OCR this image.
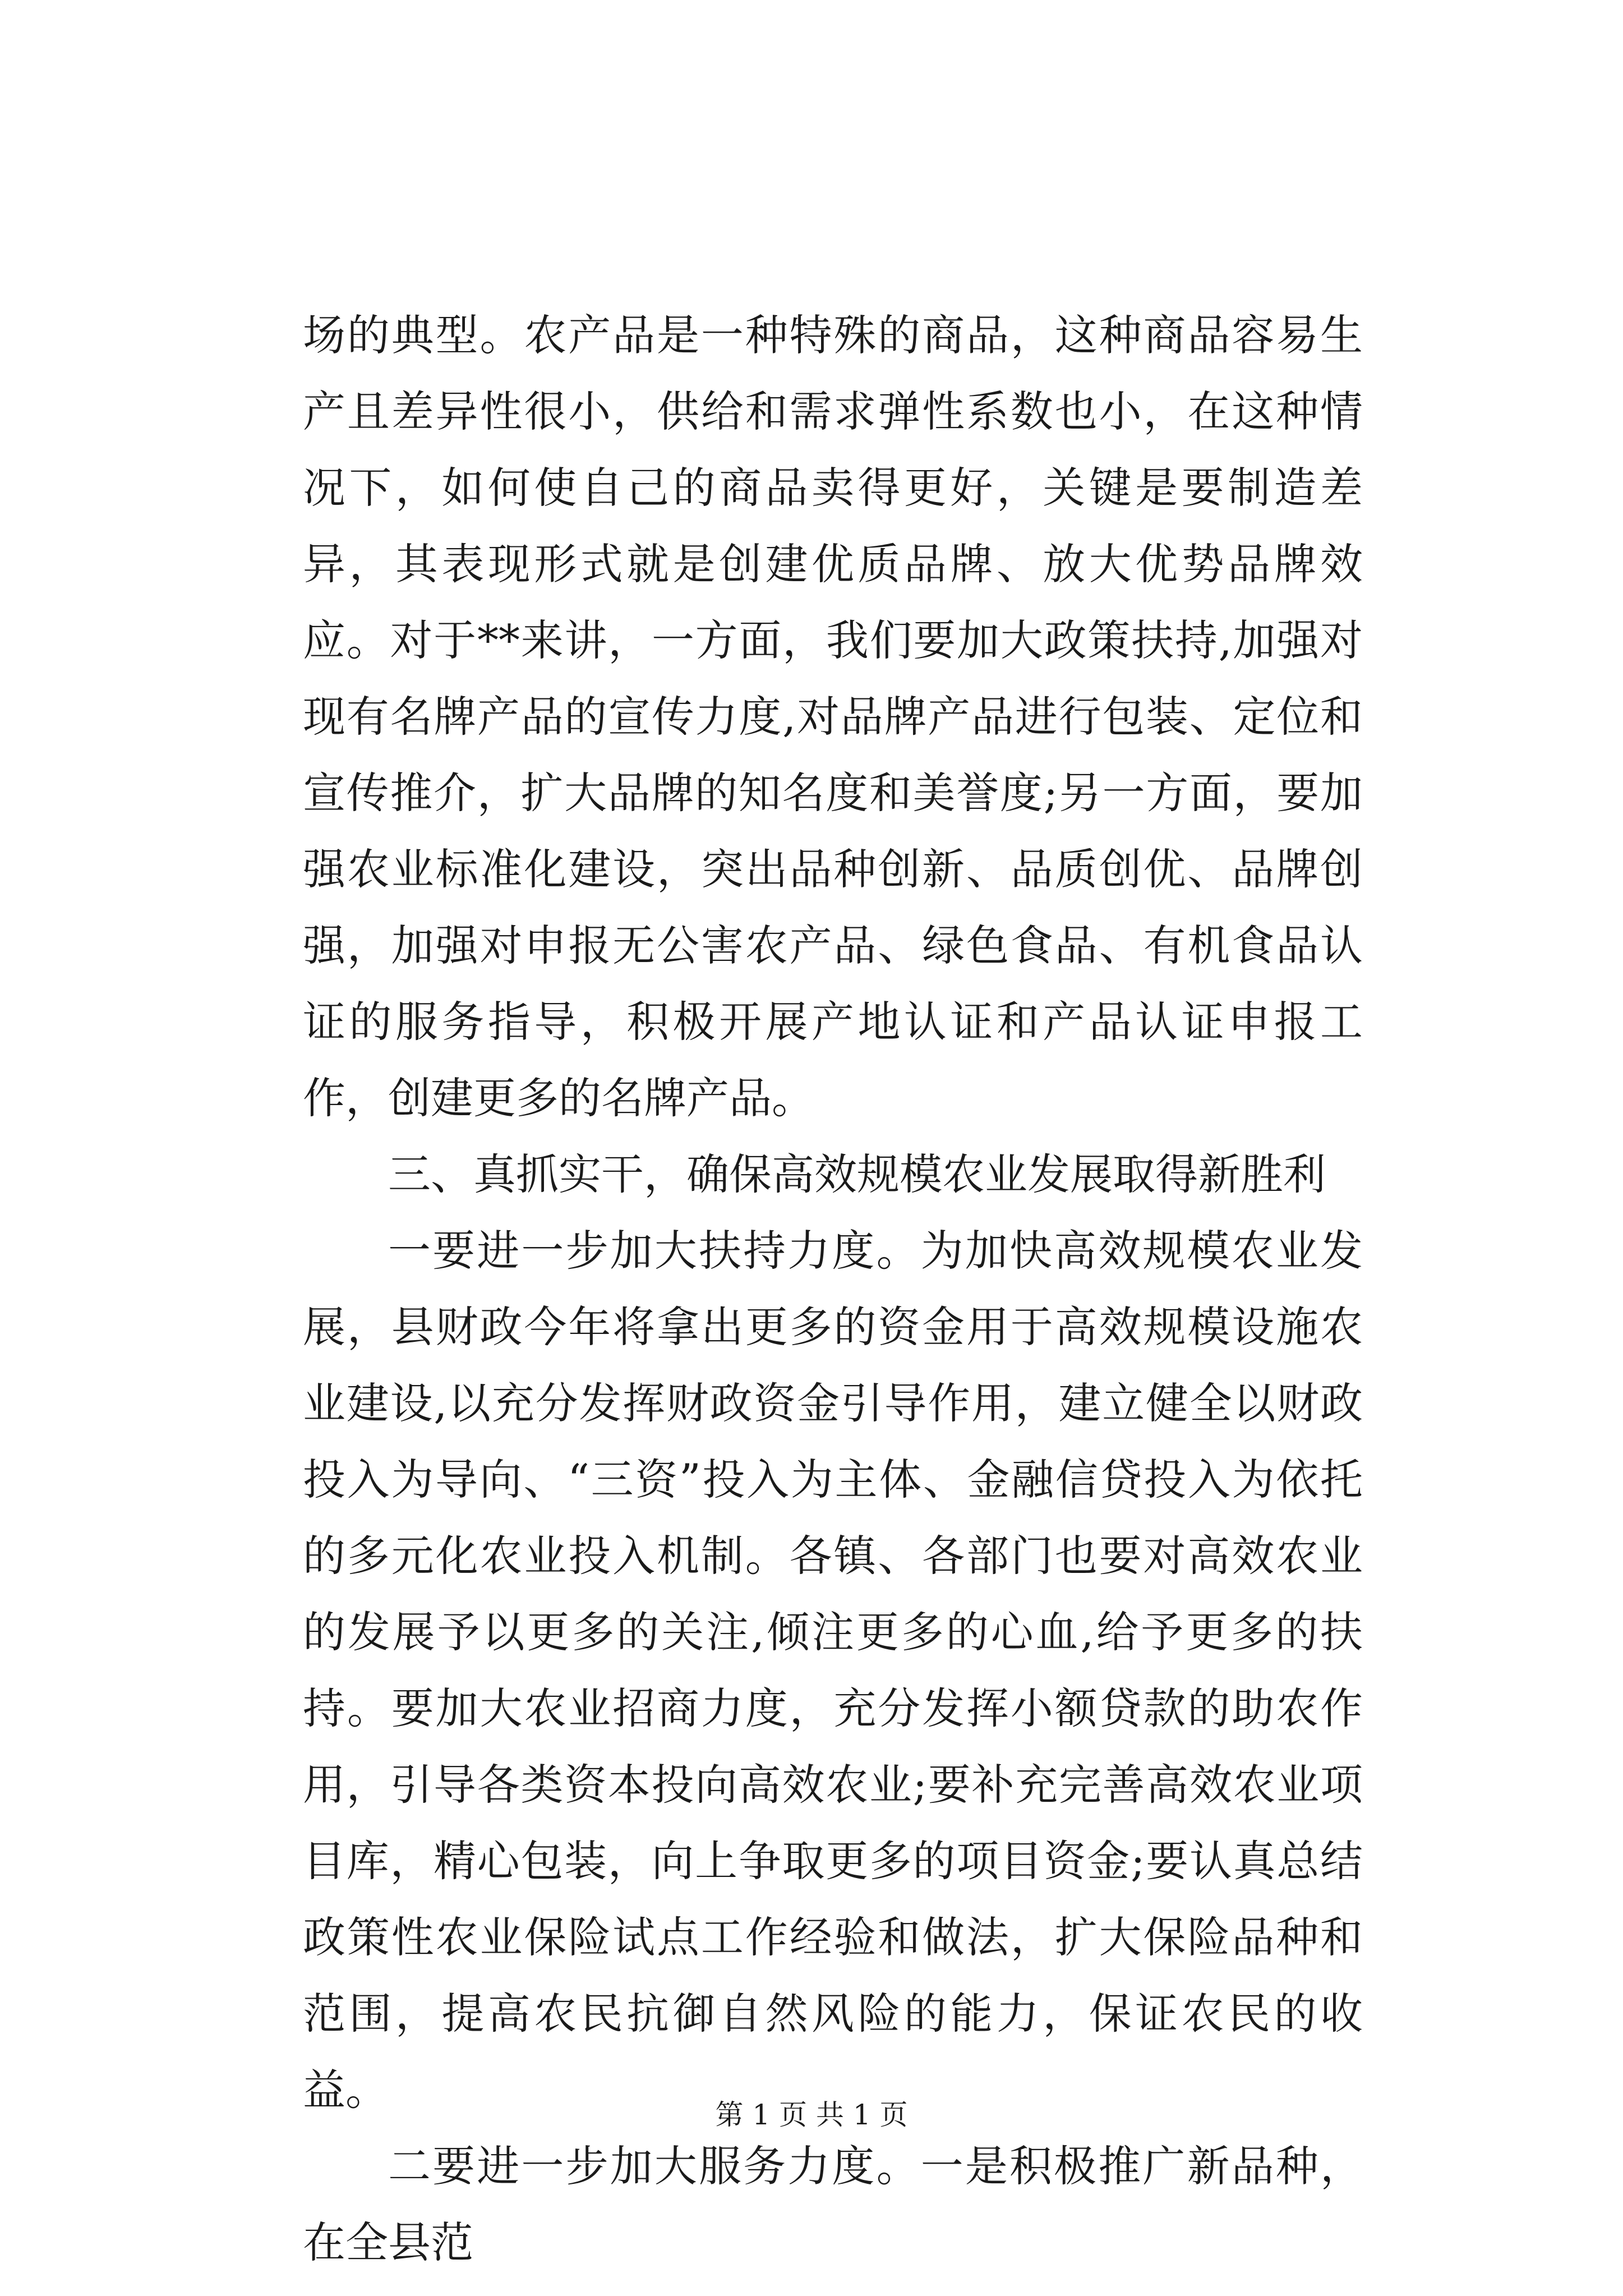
场的典型。农产品是一种特殊的商品，这种商品容易生产且差异性很小，供给和需求弹性系数也小，在这种情况下，如何使自己的商品卖得更好，关键是要制造差异，其表现形式就是创建优质品牌、放大优势品牌效应。对于**来讲，一方面，我们要加大政策扶持,加强对现有名牌产品的宣传力度,对品牌产品进行包装、定位和宣传推介，扩大品牌的知名度和美誉度;另一方面，要加强农业标准化建设，突出品种创新、品质创优、品牌创强，加强对申报无公害农产品、绿色食品、有机食品认证的服务指导，积极开展产地认证和产品认证申报工作，创建更多的名牌产品。

三、真抓实干，确保高效规模农业发展取得新胜利

一要进一步加大扶持力度。为加快高效规模农业发展，县财政今年将拿出更多的资金用于高效规模设施农业建设,以充分发挥财政资金引导作用，建立健全以财政投入为导向、“三资”投入为主体、金融信贷投入为依托的多元化农业投入机制。各镇、各部门也要对高效农业的发展予以更多的关注,倾注更多的心血,给予更多的扶持。要加大农业招商力度，充分发挥小额贷款的助农作用，引导各类资本投向高效农业;要补充完善高效农业项目库，精心包装，向上争取更多的项目资金;要认真总结政策性农业保险试点工作经验和做法，扩大保险品种和范围，提高农民抗御自然风险的能力，保证农民的收益。

二要进一步加大服务力度。一是积极推广新品种，在全县范

第 1 页 共 1 页
